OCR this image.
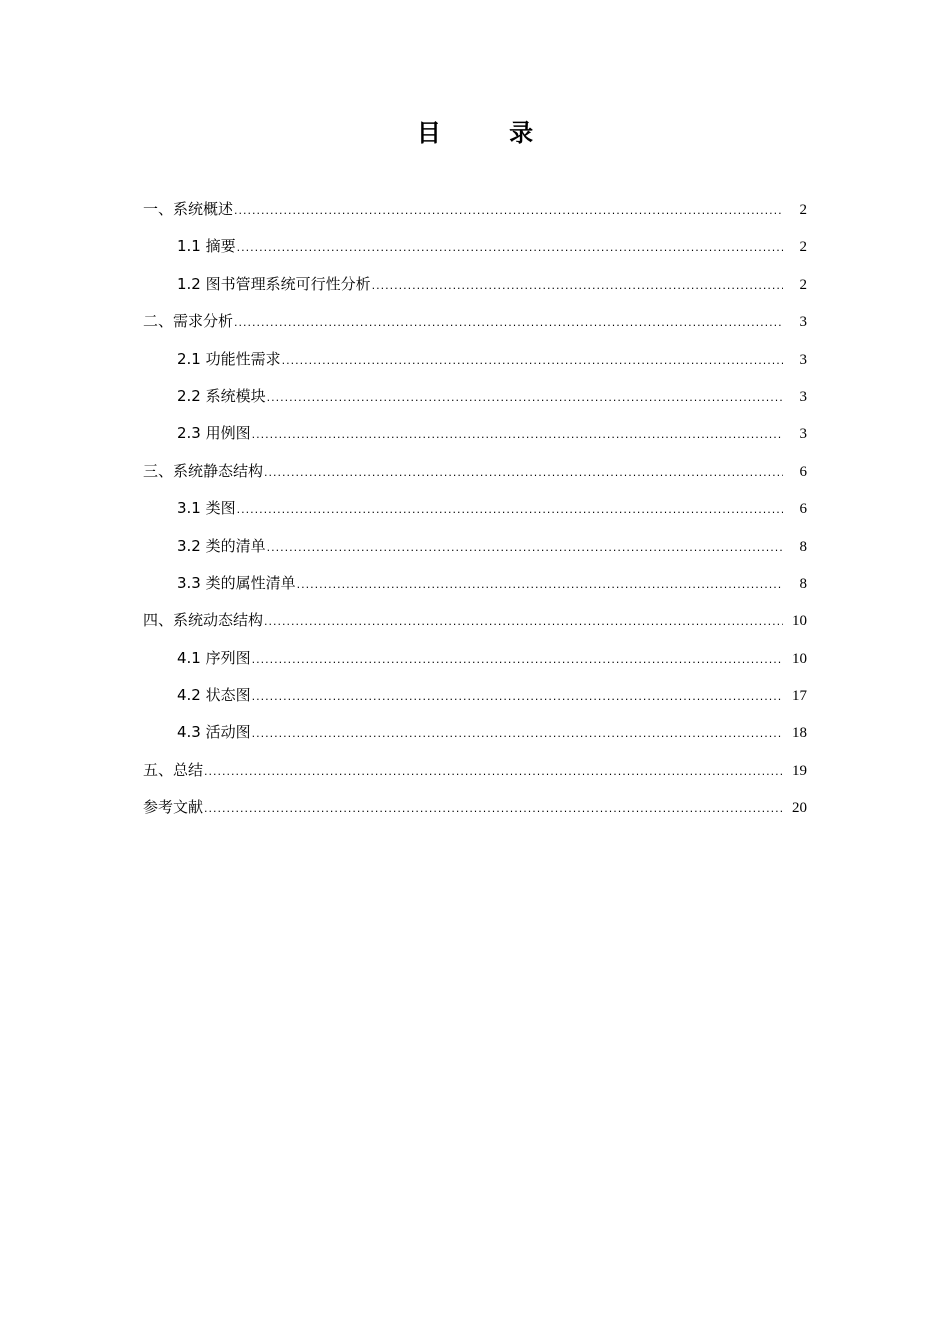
目 录
一、系统概述 .....	2
1.1 摘要 .....	2
1.2 图书管理系统可行性分析 .....	2
二、需求分析 .....	3
2.1 功能性需求 .....	3
2.2 系统模块 .....	3
2.3 用例图 .....	3
三、系统静态结构 .....	6
3.1 类图 .....	6
3.2 类的清单 .....	8
3.3 类的属性清单 .....	8
四、系统动态结构 .....	10
4.1 序列图 .....	10
4.2 状态图 .....	17
4.3 活动图 .....	18
五、总结 .....	19
参考文献 .....	20
